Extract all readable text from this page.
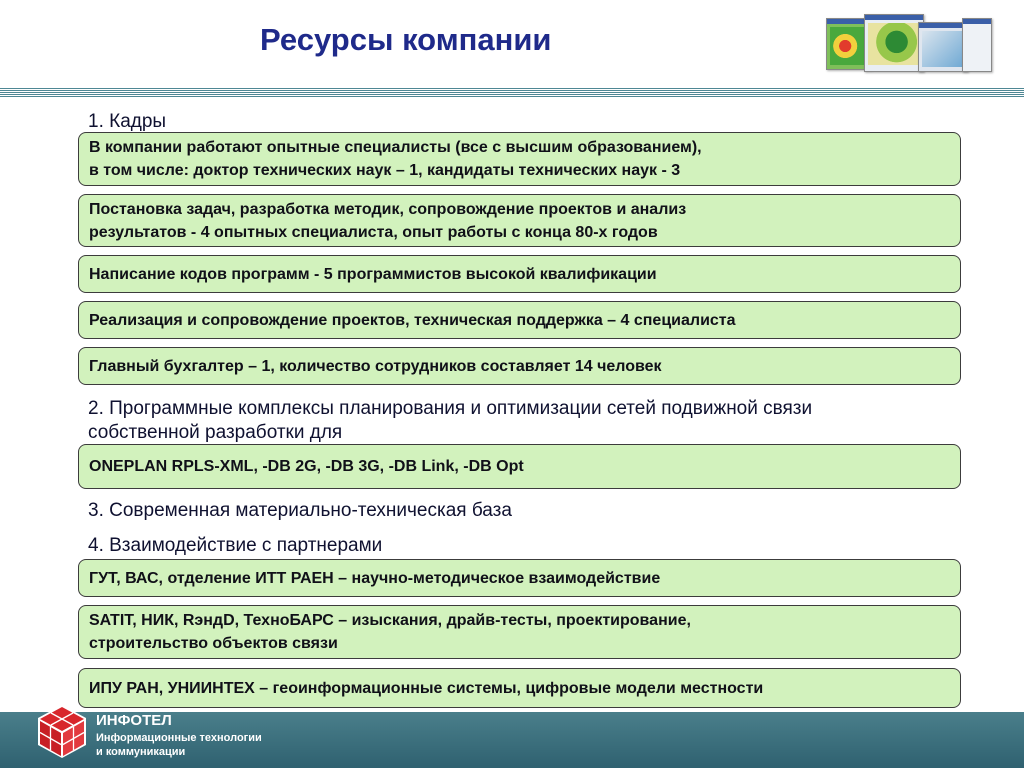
Ресурсы компании

1. Кадры

В компании работают опытные специалисты (все с высшим образованием),
в том числе: доктор технических наук – 1, кандидаты технических наук - 3
Постановка задач, разработка методик, сопровождение проектов и анализ
результатов - 4 опытных специалиста, опыт работы с конца 80-х годов
Написание кодов программ - 5 программистов высокой квалификации
Реализация и сопровождение проектов, техническая поддержка – 4 специалиста
Главный бухгалтер – 1, количество сотрудников составляет 14 человек

2. Программные комплексы планирования и оптимизации сетей подвижной связи собственной разработки для

ONEPLAN RPLS-XML, -DB 2G, -DB 3G, -DB Link, -DB Opt

3. Современная материально-техническая база

4. Взаимодействие с партнерами

ГУТ, ВАС, отделение ИТТ РАЕН – научно-методическое взаимодействие
SATIT, НИК, RэндD, ТехноБАРС – изыскания, драйв-тесты, проектирование,
строительство объектов связи
ИПУ РАН, УНИИНТЕХ – геоинформационные системы, цифровые модели местности
ИНФОТЕЛ
Информационные технологии
и коммуникации
